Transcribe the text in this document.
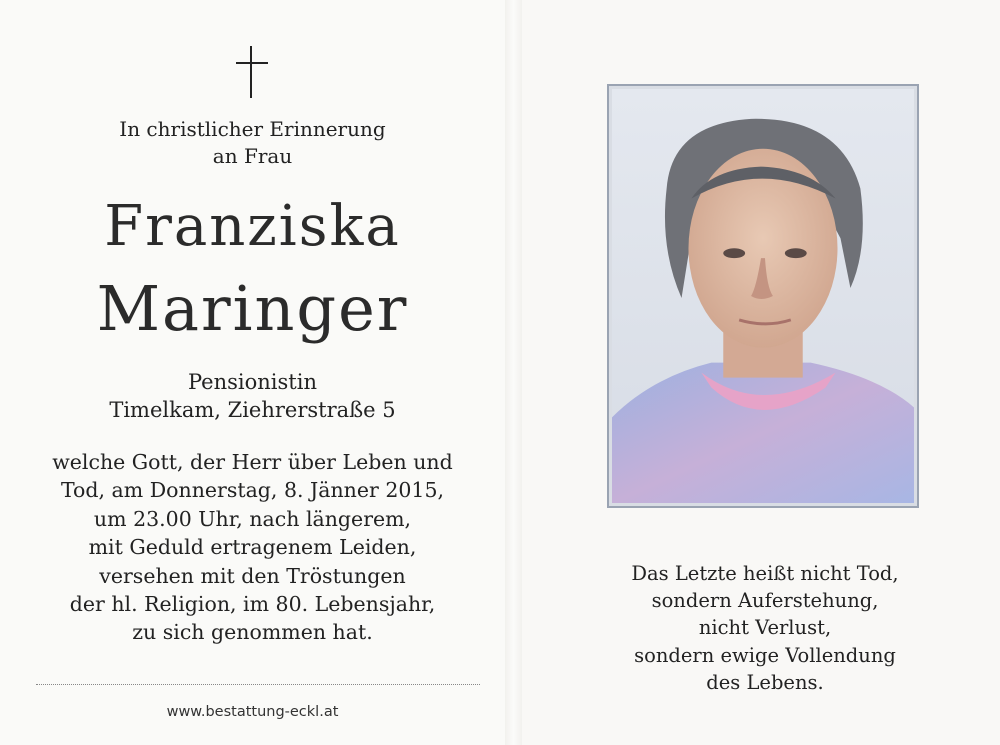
In christlicher Erinnerung
an Frau
Franziska
Maringer
Pensionistin
Timelkam, Ziehrerstraße 5
welche Gott, der Herr über Leben und
Tod, am Donnerstag, 8. Jänner 2015,
um 23.00 Uhr, nach längerem,
mit Geduld ertragenem Leiden,
versehen mit den Tröstungen
der hl. Religion, im 80. Lebensjahr,
zu sich genommen hat.
www.bestattung-eckl.at
Das Letzte heißt nicht Tod,
sondern Auferstehung,
nicht Verlust,
sondern ewige Vollendung
des Lebens.
